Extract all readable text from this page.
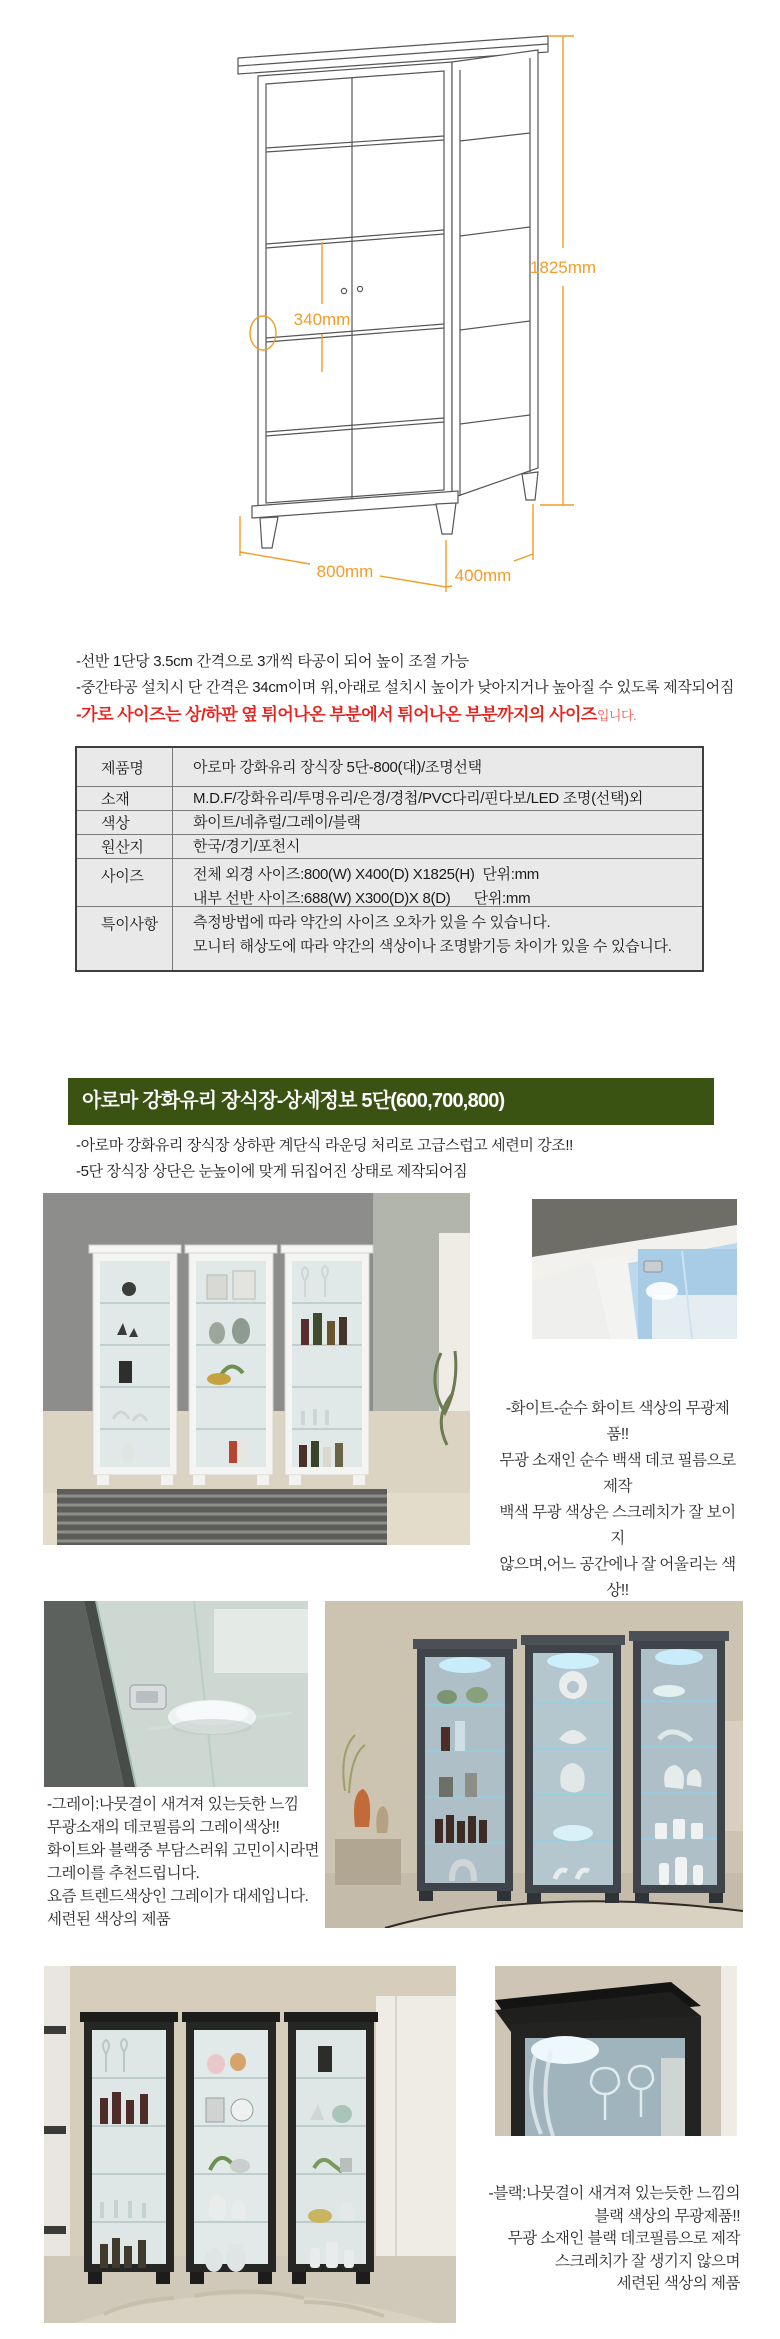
1825mm
340mm
800mm	400mm
-선반 1단당 3.5cm 간격으로 3개씩 타공이 되어 높이 조절 가능
-중간타공 설치시 단 간격은 34cm이며 위,아래로 설치시 높이가 낮아지거나 높아질 수 있도록 제작되어짐
-가로 사이즈는 상/하판 옆 튀어나온 부분에서 튀어나온 부분까지의 사이즈입니다.
제품명	아로마 강화유리 장식장 5단-800(대)/조명선택
소재	M.D.F/강화유리/투명유리/은경/경첩/PVC다리/핀다보/LED 조명(선택)외
색상	화이트/네츄럴/그레이/블랙
원산지	한국/경기/포천시
사이즈	전체 외경 사이즈:800(W) X400(D) X1825(H)  단위:mm
내부 선반 사이즈:688(W) X300(D)X 8(D)      단위:mm
특이사항	측정방법에 따라 약간의 사이즈 오차가 있을 수 있습니다.
모니터 해상도에 따라 약간의 색상이나 조명밝기등 차이가 있을 수 있습니다.
아로마 강화유리 장식장-상세정보 5단(600,700,800)
-아로마 강화유리 장식장 상하판 계단식 라운딩 처리로 고급스럽고 세련미 강조!!
-5단 장식장 상단은 눈높이에 맞게 뒤집어진 상태로 제작되어짐
-화이트-순수 화이트 색상의 무광제품!!
무광 소재인 순수 백색 데코 필름으로 제작
백색 무광 색상은 스크레치가 잘 보이지
않으며,어느 공간에나 잘 어울리는 색상!!
-그레이:나뭇결이 새겨져 있는듯한 느낌
무광소재의 데코필름의 그레이색상!!
화이트와 블랙중 부담스러워 고민이시라면
그레이를 추천드립니다.
요즘 트렌드색상인 그레이가 대세입니다.
세련된 색상의 제품
-블랙:나뭇결이 새겨져 있는듯한 느낌의
블랙 색상의 무광제품!!
무광 소재인 블랙 데코필름으로 제작
스크레치가 잘 생기지 않으며
세련된 색상의 제품
